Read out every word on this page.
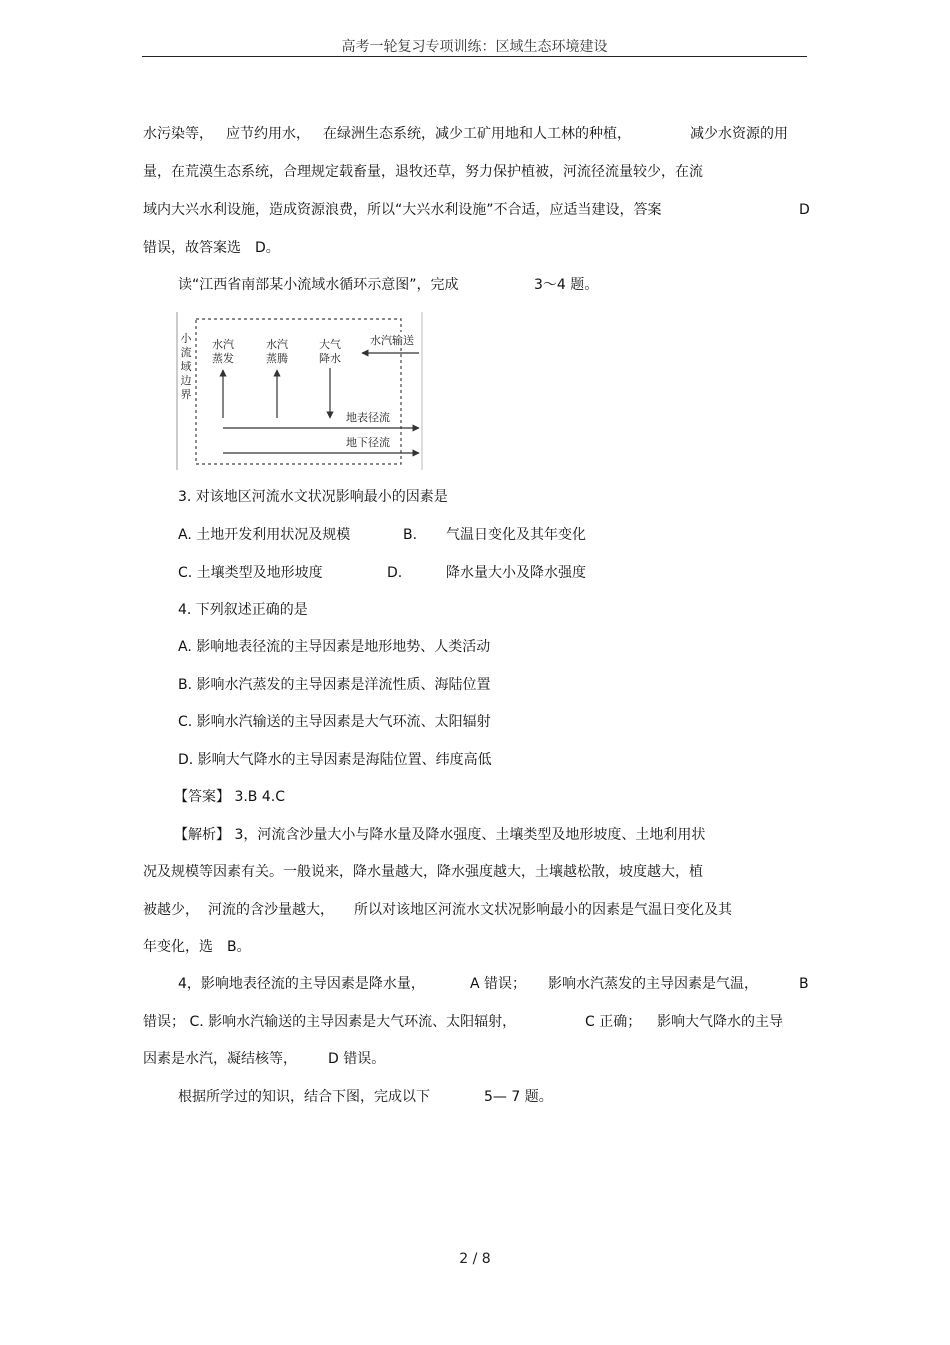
高考一轮复习专项训练：区域生态环境建设
水污染等， 应节约用水， 在绿洲生态系统，减少工矿用地和人工林的种植，	减少水资源的用
量，在荒漠生态系统，合理规定载畜量，退牧还草，努力保护植被，河流径流量较少，在流
域内大兴水利设施，造成资源浪费，所以“大兴水利设施”不合适，应适当建设，答案	D
错误，故答案选　D。
读“江西省南部某小流域水循环示意图”，完成	3～4 题。
小
流
域
边
界
水汽
蒸发
水汽
蒸腾
大气
降水
水汽输送
地表径流
地下径流
3. 对该地区河流水文状况影响最小的因素是
A. 土地开发利用状况及规模	B. 气温日变化及其年变化
C. 土壤类型及地形坡度	D.	降水量大小及降水强度
4. 下列叙述正确的是
A. 影响地表径流的主导因素是地形地势、人类活动
B. 影响水汽蒸发的主导因素是洋流性质、海陆位置
C. 影响水汽输送的主导因素是大气环流、太阳辐射
D. 影响大气降水的主导因素是海陆位置、纬度高低
【答案】 3.B 4.C
【解析】 3，河流含沙量大小与降水量及降水强度、土壤类型及地形坡度、土地利用状
况及规模等因素有关。一般说来，降水量越大，降水强度越大，土壤越松散，坡度越大，植
被越少， 河流的含沙量越大， 所以对该地区河流水文状况影响最小的因素是气温日变化及其
年变化，选　B。
4，影响地表径流的主导因素是降水量，	A 错误； 影响水汽蒸发的主导因素是气温，	B
错误； C. 影响水汽输送的主导因素是大气环流、太阳辐射，	C 正确； 影响大气降水的主导
因素是水汽，凝结核等， D 错误。
根据所学过的知识，结合下图，完成以下	5— 7 题。
2 / 8
